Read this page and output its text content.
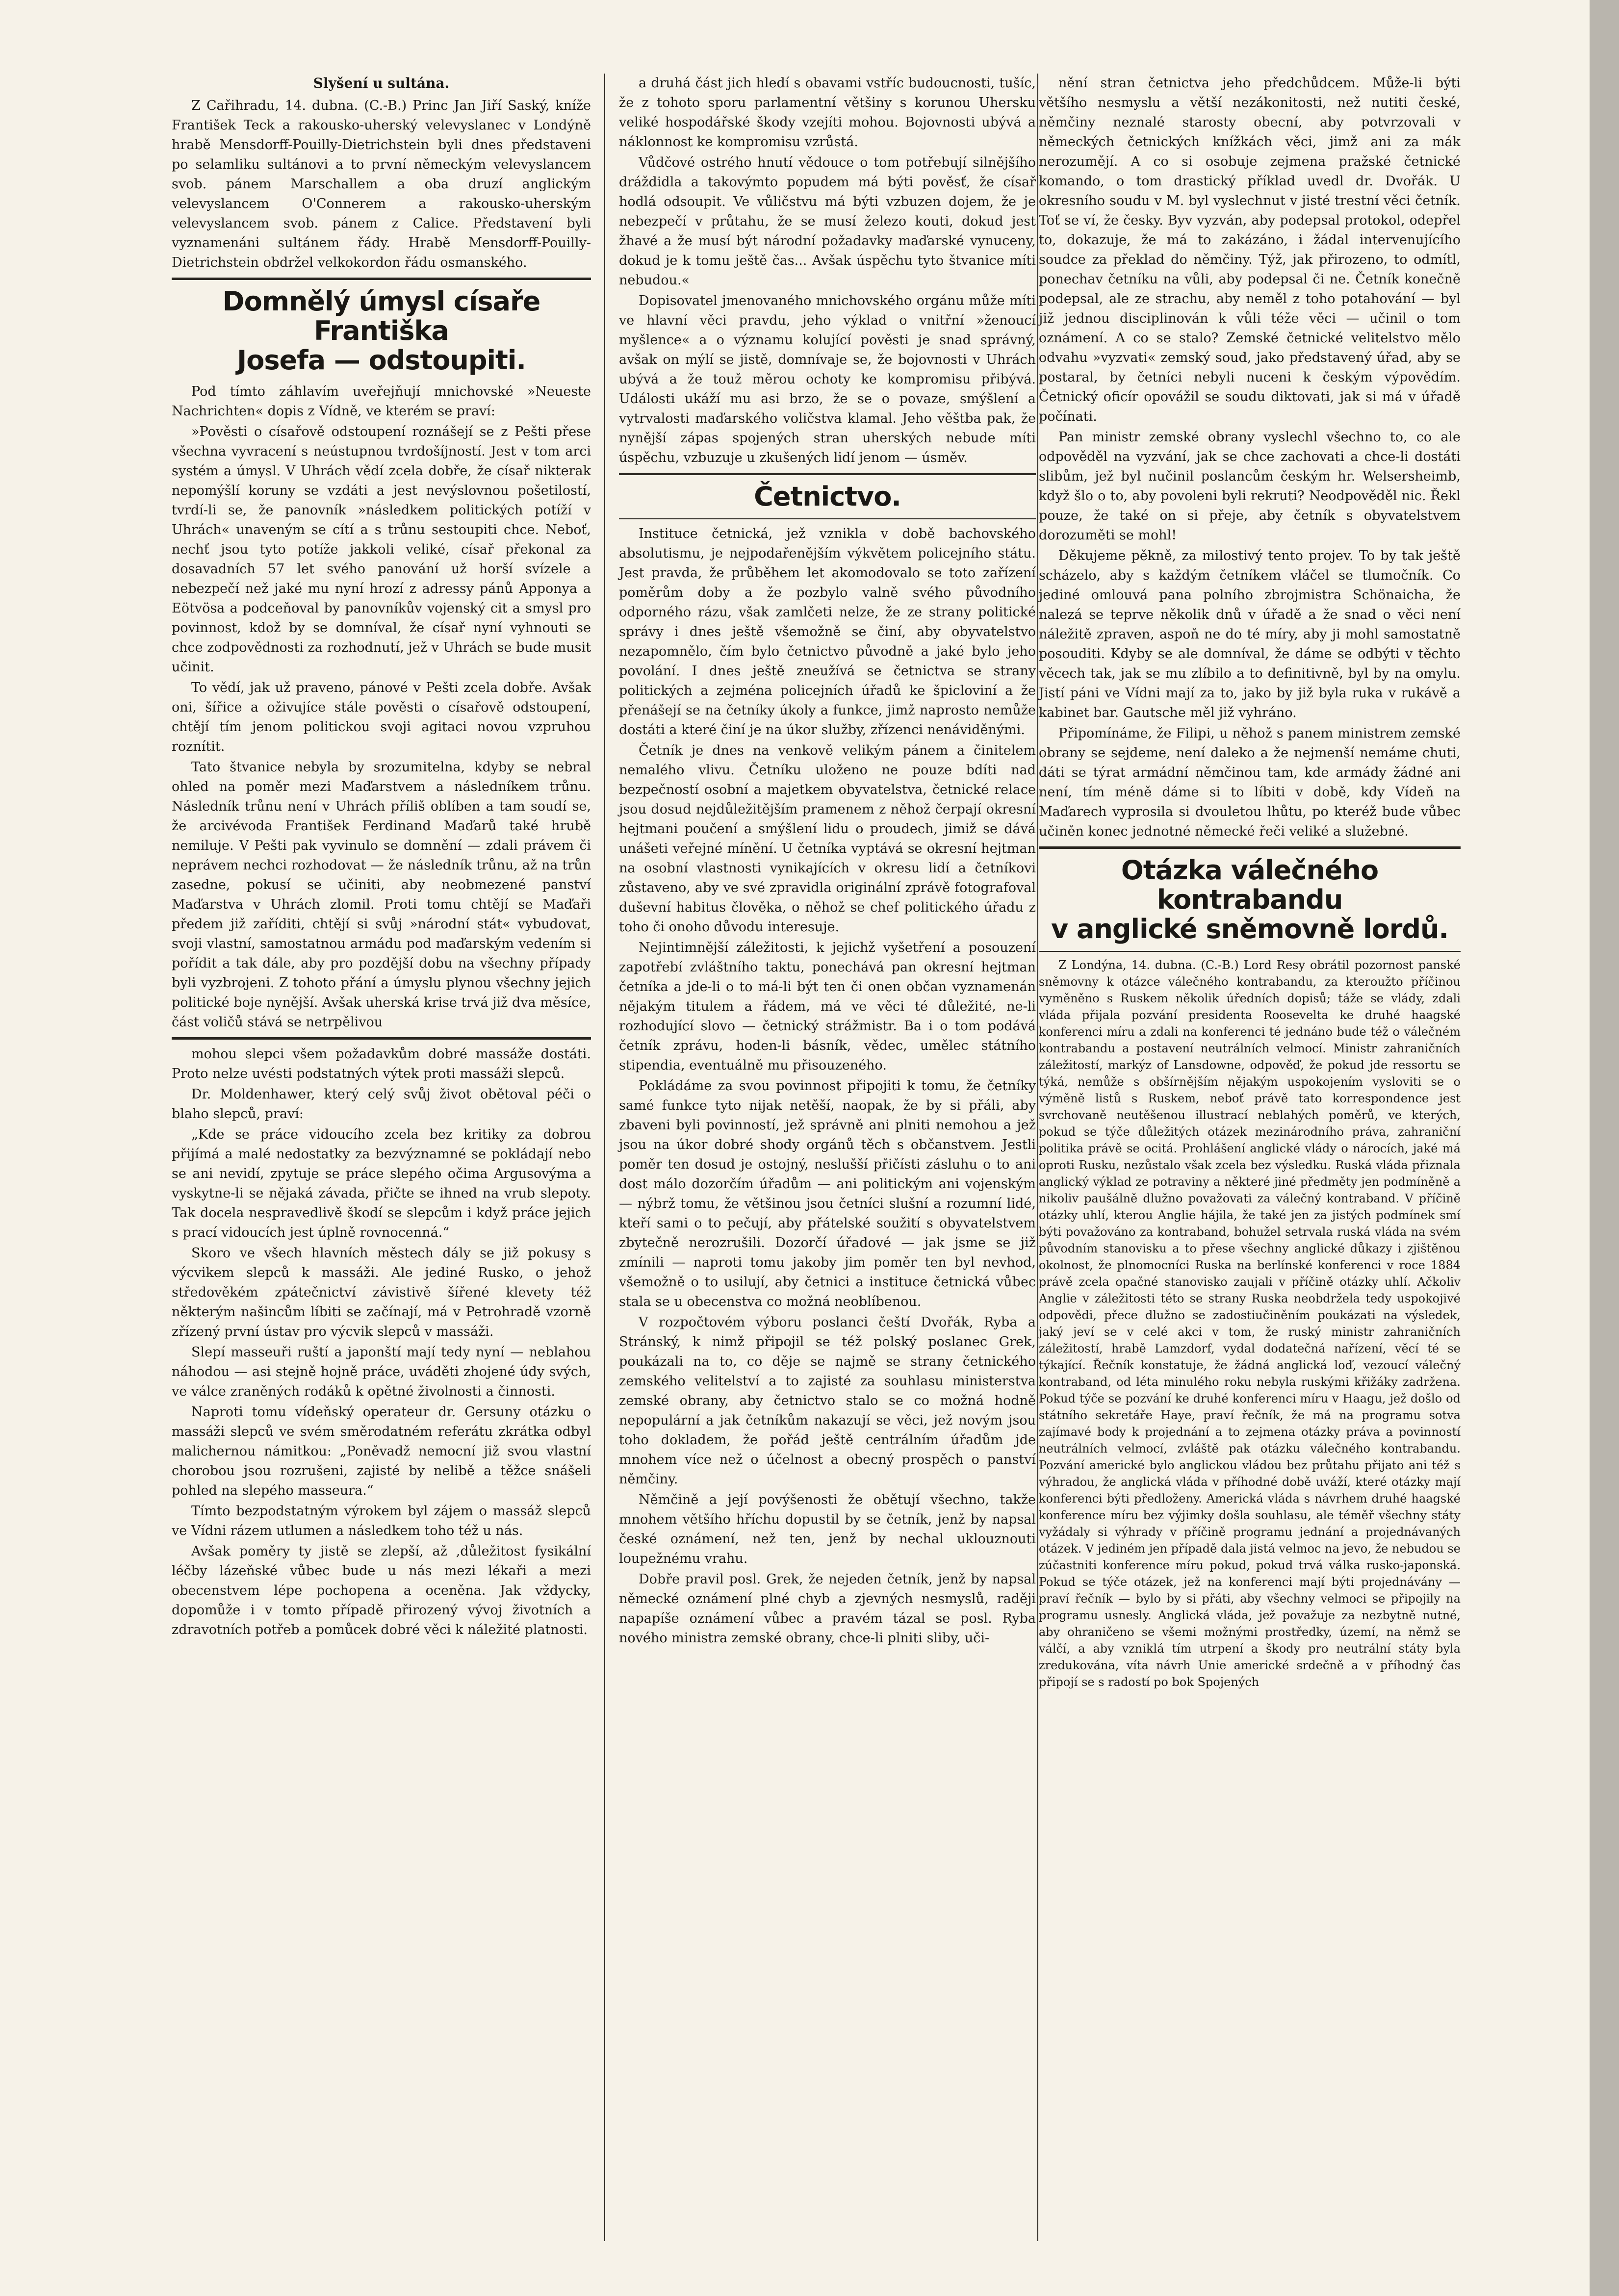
Slyšení u sultána.

Z Cařihradu, 14. dubna. (C.-B.) Princ Jan Jiří Saský, kníže František Teck a rakousko-uherský velevyslanec v Londýně hrabě Mensdorff-Pouilly-Dietrichstein byli dnes představeni po selamliku sultánovi a to první německým velevyslancem svob. pánem Marschallem a oba druzí anglickým velevyslancem O'Connerem a rakousko-uherským velevyslancem svob. pánem z Calice. Představení byli vyznamenáni sultánem řády. Hrabě Mensdorff-Pouilly-Dietrichstein obdržel velkokordon řádu osmanského.

Domnělý úmysl císaře Františka
Josefa — odstoupiti.

Pod tímto záhlavím uveřejňují mnichovské »Neueste Nachrichten« dopis z Vídně, ve kterém se praví:

»Pověsti o císařově odstoupení roznášejí se z Pešti přese všechna vyvracení s neústupnou tvrdošíjností. Jest v tom arci systém a úmysl. V Uhrách vědí zcela dobře, že císař nikterak nepomýšlí koruny se vzdáti a jest nevýslovnou pošetilostí, tvrdí-li se, že panovník »následkem politických potíží v Uhrách« unaveným se cítí a s trůnu sestoupiti chce. Neboť, nechť jsou tyto potíže jakkoli veliké, císař překonal za dosavadních 57 let svého panování už horší svízele a nebezpečí než jaké mu nyní hrozí z adressy pánů Apponya a Eötvösa a podceňoval by panovníkův vojenský cit a smysl pro povinnost, kdož by se domníval, že císař nyní vyhnouti se chce zodpovědnosti za rozhodnutí, jež v Uhrách se bude musit učinit.

To vědí, jak už praveno, pánové v Pešti zcela dobře. Avšak oni, šířice a oživujíce stále pověsti o císařově odstoupení, chtějí tím jenom politickou svoji agitaci novou vzpruhou roznítit.

Tato štvanice nebyla by srozumitelna, kdyby se nebral ohled na poměr mezi Maďarstvem a následníkem trůnu. Následník trůnu není v Uhrách příliš oblíben a tam soudí se, že arcivévoda František Ferdinand Maďarů také hrubě nemiluje. V Pešti pak vyvinulo se domnění — zdali právem či neprávem nechci rozhodovat — že následník trůnu, až na trůn zasedne, pokusí se učiniti, aby neobmezené panství Maďarstva v Uhrách zlomil. Proti tomu chtějí se Maďaři předem již zaříditi, chtějí si svůj »národní stát« vybudovat, svoji vlastní, samostatnou armádu pod maďarským vedením si pořídit a tak dále, aby pro pozdější dobu na všechny případy byli vyzbrojeni. Z tohoto přání a úmyslu plynou všechny jejich politické boje nynější. Avšak uherská krise trvá již dva měsíce, část voličů stává se netrpělivou

mohou slepci všem požadavkům dobré massáže dostáti. Proto nelze uvésti podstatných výtek proti massáži slepců.

Dr. Moldenhawer, který celý svůj život obětoval péči o blaho slepců, praví:

„Kde se práce vidoucího zcela bez kritiky za dobrou přijímá a malé nedostatky za bezvýznamné se pokládají nebo se ani nevidí, zpytuje se práce slepého očima Argusovýma a vyskytne-li se nějaká závada, přičte se ihned na vrub slepoty. Tak docela nespravedlivě škodí se slepcům i když práce jejich s prací vidoucích jest úplně rovnocenná.“

Skoro ve všech hlavních městech dály se již pokusy s výcvikem slepců k massáži. Ale jediné Rusko, o jehož středověkém zpátečnictví závistivě šířené klevety též některým našincům líbiti se začínají, má v Petrohradě vzorně zřízený první ústav pro výcvik slepců v massáži.

Slepí masseuři ruští a japonští mají tedy nyní — neblahou náhodou — asi stejně hojně práce, uváděti zhojené údy svých, ve válce zraněných rodáků k opětné živolnosti a činnosti.

Naproti tomu vídeňský operateur dr. Gersuny otázku o massáži slepců ve svém směrodatném referátu zkrátka odbyl malichernou námitkou: „Poněvadž nemocní již svou vlastní chorobou jsou rozrušeni, zajisté by nelibě a těžce snášeli pohled na slepého masseura.“

Tímto bezpodstatným výrokem byl zájem o massáž slepců ve Vídni rázem utlumen a následkem toho též u nás.

Avšak poměry ty jistě se zlepší, až ,důležitost fysikální léčby lázeňské vůbec bude u nás mezi lékaři a mezi obecenstvem lépe pochopena a oceněna. Jak vždycky, dopomůže i v tomto případě přirozený vývoj životních a zdravotních potřeb a pomůcek dobré věci k náležité platnosti.

a druhá část jich hledí s obavami vstříc budoucnosti, tušíc, že z tohoto sporu parlamentní většiny s korunou Uhersku veliké hospodářské škody vzejíti mohou. Bojovnosti ubývá a náklonnost ke kompromisu vzrůstá.

Vůdčové ostrého hnutí vědouce o tom potřebují silnějšího dráždidla a takovýmto popudem má býti pověsť, že císař hodlá odsoupit. Ve vůličstvu má býti vzbuzen dojem, že je nebezpečí v průtahu, že se musí železo kouti, dokud jest žhavé a že musí být národní požadavky maďarské vynuceny, dokud je k tomu ještě čas... Avšak úspěchu tyto štvanice míti nebudou.«

Dopisovatel jmenovaného mnichovského orgánu může míti ve hlavní věci pravdu, jeho výklad o vnitřní »ženoucí myšlence« a o významu kolující pověsti je snad správný, avšak on mýlí se jistě, domnívaje se, že bojovnosti v Uhrách ubývá a že touž měrou ochoty ke kompromisu přibývá. Události ukáží mu asi brzo, že se o povaze, smýšlení a vytrvalosti maďarského voličstva klamal. Jeho věštba pak, že nynější zápas spojených stran uherských nebude míti úspěchu, vzbuzuje u zkušených lidí jenom — úsměv.

Četnictvo.

Instituce četnická, jež vznikla v době bachovského absolutismu, je nejpodařenějším výkvětem policejního státu. Jest pravda, že průběhem let akomodovalo se toto zařízení poměrům doby a že pozbylo valně svého původního odporného rázu, však zamlčeti nelze, že ze strany politické správy i dnes ještě všemožně se činí, aby obyvatelstvo nezapomnělo, čím bylo četnictvo původně a jaké bylo jeho povolání. I dnes ještě zneužívá se četnictva se strany politických a zejména policejních úřadů ke špicloviní a že přenášejí se na četníky úkoly a funkce, jimž naprosto nemůže dostáti a které činí je na úkor služby, zřízenci nenáviděnými.

Četník je dnes na venkově velikým pánem a činitelem nemalého vlivu. Četníku uloženo ne pouze bdíti nad bezpečností osobní a majetkem obyvatelstva, četnické relace jsou dosud nejdůležitějším pramenem z něhož čerpají okresní hejtmani poučení a smýšlení lidu o proudech, jimiž se dává unášeti veřejné mínění. U četníka vyptává se okresní hejtman na osobní vlastnosti vynikajících v okresu lidí a četníkovi zůstaveno, aby ve své zpravidla originální zprávě fotografoval duševní habitus člověka, o něhož se chef politického úřadu z toho či onoho důvodu interesuje.

Nejintimnější záležitosti, k jejichž vyšetření a posouzení zapotřebí zvláštního taktu, ponechává pan okresní hejtman četníka a jde-li o to má-li být ten či onen občan vyznamenán nějakým titulem a řádem, má ve věci té důležité, ne-li rozhodující slovo — četnický strážmistr. Ba i o tom podává četník zprávu, hoden-li básník, vědec, umělec státního stipendia, eventuálně mu přisouzeného.

Pokládáme za svou povinnost připojiti k tomu, že četníky samé funkce tyto nijak netěší, naopak, že by si přáli, aby zbaveni byli povinností, jež správně ani plniti nemohou a jež jsou na úkor dobré shody orgánů těch s občanstvem. Jestli poměr ten dosud je ostojný, neslušší přičísti zásluhu o to ani dost málo dozorčím úřadům — ani politickým ani vojenským — nýbrž tomu, že většinou jsou četníci slušní a rozumní lidé, kteří sami o to pečují, aby přátelské soužití s obyvatelstvem zbytečně nerozrušili. Dozorčí úřadové — jak jsme se již zmínili — naproti tomu jakoby jim poměr ten byl nevhod, všemožně o to usilují, aby četnici a instituce četnická vůbec stala se u obecenstva co možná neoblíbenou.

V rozpočtovém výboru poslanci čeští Dvořák, Ryba a Stránský, k nimž připojil se též polský poslanec Grek, poukázali na to, co děje se najmě se strany četnického zemského velitelství a to zajisté za souhlasu ministerstva zemské obrany, aby četnictvo stalo se co možná hodně nepopulární a jak četníkům nakazují se věci, jež novým jsou toho dokladem, že pořád ještě centrálním úřadům jde mnohem více než o účelnost a obecný prospěch o panství němčiny.

Němčině a její povýšenosti že obětují všechno, takže mnohem většího hříchu dopustil by se četník, jenž by napsal české oznámení, než ten, jenž by nechal uklouznouti loupežnému vrahu.

Dobře pravil posl. Grek, že nejeden četník, jenž by napsal německé oznámení plné chyb a zjevných nesmyslů, raději napapíše oznámení vůbec a pravém tázal se posl. Ryba nového ministra zemské obrany, chce-li plniti sliby, uči-

nění stran četnictva jeho předchůdcem. Může-li býti většího nesmyslu a větší nezákonitosti, než nutiti české, němčiny neznalé starosty obecní, aby potvrzovali v německých četnických knížkách věci, jimž ani za mák nerozumějí. A co si osobuje zejmena pražské četnické komando, o tom drastický příklad uvedl dr. Dvořák. U okresního soudu v M. byl vyslechnut v jisté trestní věci četník. Toť se ví, že česky. Byv vyzván, aby podepsal protokol, odepřel to, dokazuje, že má to zakázáno, i žádal intervenujícího soudce za překlad do němčiny. Týž, jak přirozeno, to odmítl, ponechav četníku na vůli, aby podepsal či ne. Četník konečně podepsal, ale ze strachu, aby neměl z toho potahování — byl již jednou disciplinován k vůli téže věci — učinil o tom oznámení. A co se stalo? Zemské četnické velitelstvo mělo odvahu »vyzvati« zemský soud, jako představený úřad, aby se postaral, by četníci nebyli nuceni k českým výpovědím. Četnický oficír opovážil se soudu diktovati, jak si má v úřadě počínati.

Pan ministr zemské obrany vyslechl všechno to, co ale odpověděl na vyzvání, jak se chce zachovati a chce-li dostáti slibům, jež byl nučinil poslancům českým hr. Welsersheimb, když šlo o to, aby povoleni byli rekruti? Neodpověděl nic. Řekl pouze, že také on si přeje, aby četník s obyvatelstvem dorozuměti se mohl!

Děkujeme pěkně, za milostivý tento projev. To by tak ještě scházelo, aby s každým četníkem vláčel se tlumočník. Co jediné omlouvá pana polního zbrojmistra Schönaicha, že nalezá se teprve několik dnů v úřadě a že snad o věci není náležitě zpraven, aspoň ne do té míry, aby ji mohl samostatně posouditi. Kdyby se ale domníval, že dáme se odbýti v těchto věcech tak, jak se mu zlíbilo a to definitivně, byl by na omylu. Jistí páni ve Vídni mají za to, jako by již byla ruka v rukávě a kabinet bar. Gautsche měl již vyhráno.

Připomínáme, že Filipi, u něhož s panem ministrem zemské obrany se sejdeme, není daleko a že nejmenší nemáme chuti, dáti se týrat armádní němčinou tam, kde armády žádné ani není, tím méně dáme si to líbiti v době, kdy Vídeň na Maďarech vyprosila si dvouletou lhůtu, po kteréž bude vůbec učiněn konec jednotné německé řeči veliké a služebné.

Otázka válečného kontrabandu
v anglické sněmovně lordů.

Z Londýna, 14. dubna. (C.-B.) Lord Resy obrátil pozornost panské sněmovny k otázce válečného kontrabandu, za kteroužto příčinou vyměněno s Ruskem několik úředních dopisů; táže se vlády, zdali vláda přijala pozvání presidenta Roosevelta ke druhé haagské konferenci míru a zdali na konferenci té jednáno bude též o válečném kontrabandu a postavení neutrálních velmocí. Ministr zahraničních záležitostí, markýz of Lansdowne, odpověď, že pokud jde ressortu se týká, nemůže s obšírnějším nějakým uspokojením vysloviti se o výměně listů s Ruskem, neboť právě tato korrespondence jest svrchovaně neutěšenou illustrací neblahých poměrů, ve kterých, pokud se týče důležitých otázek mezinárodního práva, zahraniční politika právě se ocitá. Prohlášení anglické vlády o nárocích, jaké má oproti Rusku, nezůstalo však zcela bez výsledku. Ruská vláda přiznala anglický výklad ze potraviny a některé jiné předměty jen podmíněně a nikoliv paušálně dlužno považovati za válečný kontraband. V příčině otázky uhlí, kterou Anglie hájila, že také jen za jistých podmínek smí býti považováno za kontraband, bohužel setrvala ruská vláda na svém původním stanovisku a to přese všechny anglické důkazy i zjištěnou okolnost, že plnomocníci Ruska na berlínské konferenci v roce 1884 právě zcela opačné stanovisko zaujali v příčině otázky uhlí. Ačkoliv Anglie v záležitosti této se strany Ruska neobdržela tedy uspokojivé odpovědi, přece dlužno se zadostiučiněním poukázati na výsledek, jaký jeví se v celé akci v tom, že ruský ministr zahraničních záležitostí, hrabě Lamzdorf, vydal dodatečná nařízení, věcí té se týkající. Řečník konstatuje, že žádná anglická loď, vezoucí válečný kontraband, od léta minulého roku nebyla ruskými křižáky zadržena. Pokud týče se pozvání ke druhé konferenci míru v Haagu, jež došlo od státního sekretáře Haye, praví řečník, že má na programu sotva zajímavé body k projednání a to zejmena otázky práva a povinností neutrálních velmocí, zvláště pak otázku válečného kontrabandu. Pozvání americké bylo anglickou vládou bez průtahu přijato ani též s výhradou, že anglická vláda v příhodné době uváží, které otázky mají konferenci býti předloženy. Americká vláda s návrhem druhé haagské konference míru bez výjimky došla souhlasu, ale téměř všechny státy vyžádaly si výhrady v příčině programu jednání a projednávaných otázek. V jediném jen případě dala jistá velmoc na jevo, že nebudou se zúčastniti konference míru pokud, pokud trvá válka rusko-japonská. Pokud se týče otázek, jež na konferenci mají býti projednávány — praví řečník — bylo by si přáti, aby všechny velmoci se připojily na programu usnesly. Anglická vláda, jež považuje za nezbytně nutné, aby ohraničeno se všemi možnými prostředky, území, na němž se válčí, a aby vzniklá tím utrpení a škody pro neutrální státy byla zredukována, víta návrh Unie americké srdečně a v příhodný čas připojí se s radostí po bok Spojených
